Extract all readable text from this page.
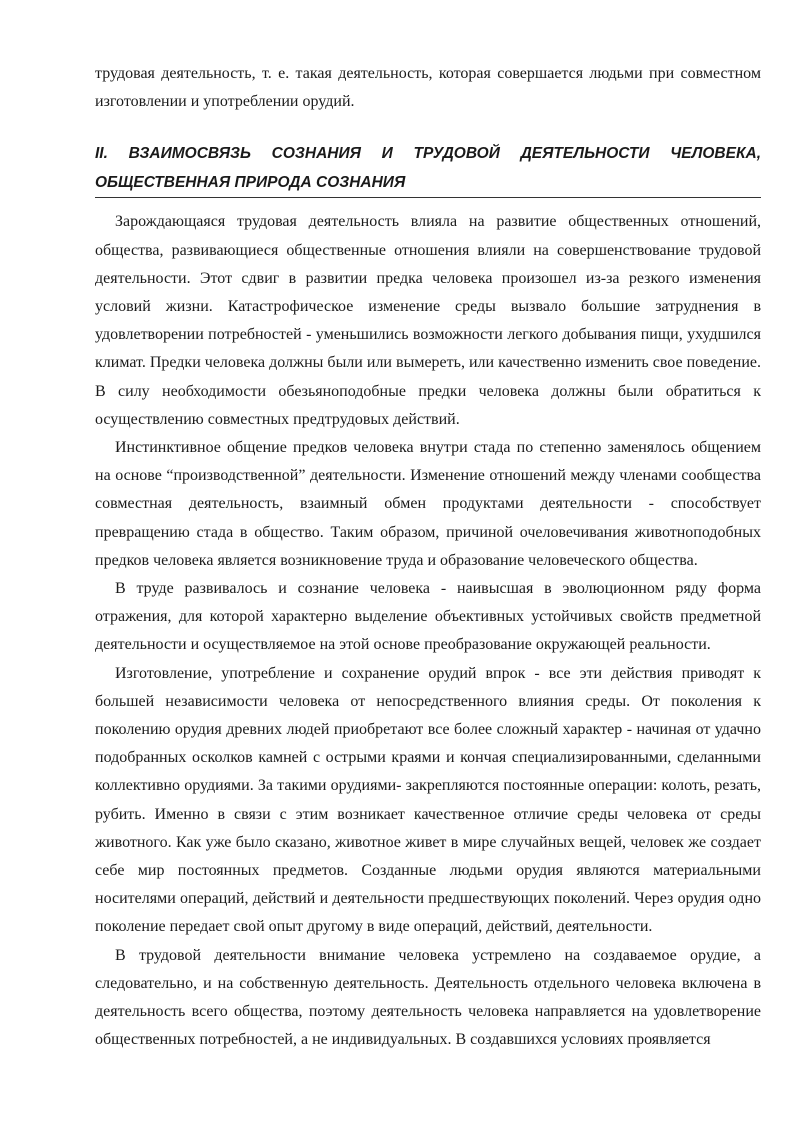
трудовая деятельность, т. е. такая деятельность, которая совершается людьми при совместном изготовлении и употреблении орудий.

II. ВЗАИМОСВЯЗЬ СОЗНАНИЯ И ТРУДОВОЙ ДЕЯТЕЛЬНОСТИ ЧЕЛОВЕКА, ОБЩЕСТВЕННАЯ ПРИРОДА СОЗНАНИЯ

Зарождающаяся трудовая деятельность влияла на развитие общественных отношений, общества, развивающиеся общественные отношения влияли на совершенствование трудовой деятельности. Этот сдвиг в развитии предка человека произошел из-за резкого изменения условий жизни. Катастрофическое изменение среды вызвало большие затруднения в удовлетворении потребностей - уменьшились возможности легкого добывания пищи, ухудшился климат. Предки человека должны были или вымереть, или качественно изменить свое поведение. В силу необходимости обезьяноподобные предки человека должны были обратиться к осуществлению совместных предтрудовых действий.

Инстинктивное общение предков человека внутри стада по степенно заменялось общением на основе “производственной” деятельности. Изменение отношений между членами сообщества совместная деятельность, взаимный обмен продуктами деятельности - способствует превращению стада в общество. Таким образом, причиной очеловечивания животноподобных предков человека является возникновение труда и образование человеческого общества.

В труде развивалось и сознание человека - наивысшая в эволюционном ряду форма отражения, для которой характерно выделение объективных устойчивых свойств предметной деятельности и осуществляемое на этой основе преобразование окружающей реальности.

Изготовление, употребление и сохранение орудий впрок - все эти действия приводят к большей независимости человека от непосредственного влияния среды. От поколения к поколению орудия древних людей приобретают все более сложный характер - начиная от удачно подобранных осколков камней с острыми краями и кончая специализированными, сделанными коллективно орудиями. За такими орудиями- закрепляются постоянные операции: колоть, резать, рубить. Именно в связи с этим возникает качественное отличие среды человека от среды животного. Как уже было сказано, животное живет в мире случайных вещей, человек же создает себе мир постоянных предметов. Созданные людьми орудия являются материальными носителями операций, действий и деятельности предшествующих поколений. Через орудия одно поколение передает свой опыт другому в виде операций, действий, деятельности.

В трудовой деятельности внимание человека устремлено на создаваемое орудие, а следовательно, и на собственную деятельность. Деятельность отдельного человека включена в деятельность всего общества, поэтому деятельность человека направляется на удовлетворение общественных потребностей, а не индивидуальных. В создавшихся условиях проявляется
